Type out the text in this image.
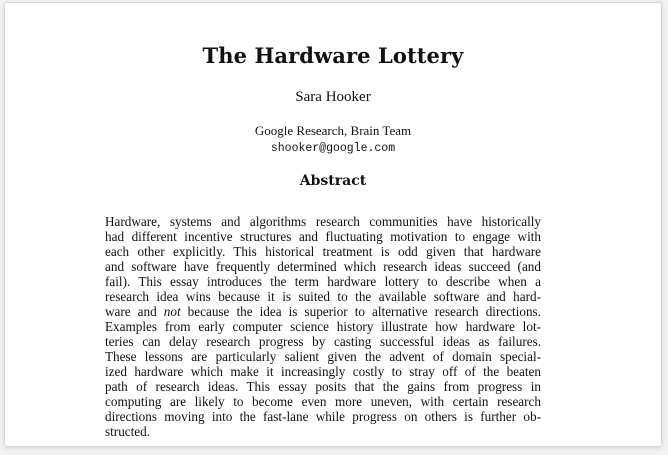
The Hardware Lottery
Sara Hooker
Google Research, Brain Team
shooker@google.com
Abstract
Hardware, systems and algorithms research communities have historically
had different incentive structures and fluctuating motivation to engage with
each other explicitly. This historical treatment is odd given that hardware
and software have frequently determined which research ideas succeed (and
fail). This essay introduces the term hardware lottery to describe when a
research idea wins because it is suited to the available software and hard-
ware and not because the idea is superior to alternative research directions.
Examples from early computer science history illustrate how hardware lot-
teries can delay research progress by casting successful ideas as failures.
These lessons are particularly salient given the advent of domain special-
ized hardware which make it increasingly costly to stray off of the beaten
path of research ideas. This essay posits that the gains from progress in
computing are likely to become even more uneven, with certain research
directions moving into the fast-lane while progress on others is further ob-
structed.
